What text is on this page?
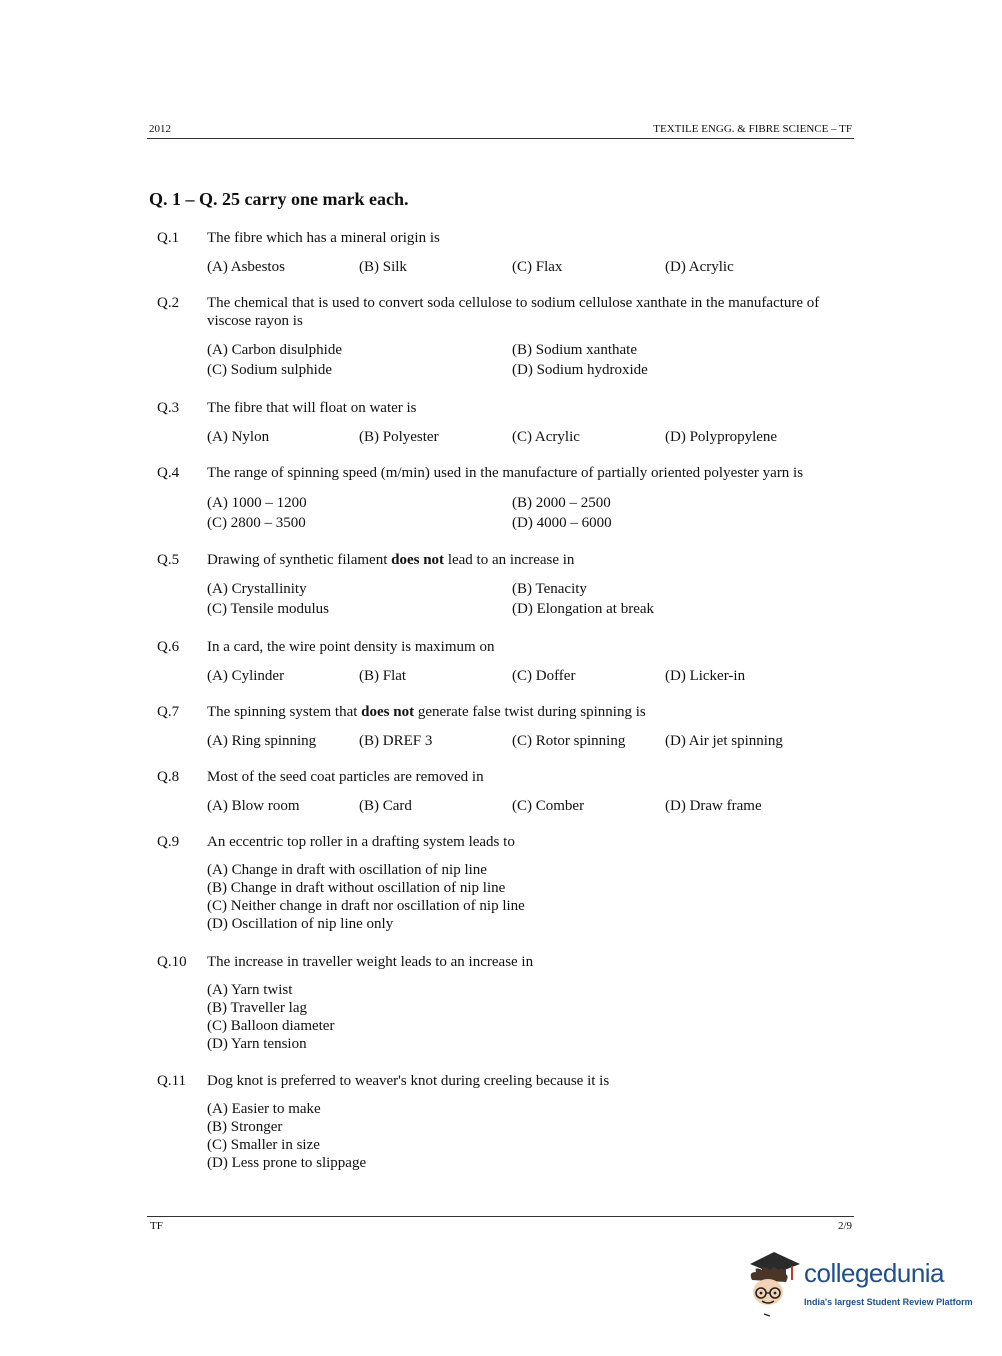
2012	TEXTILE ENGG. & FIBRE SCIENCE – TF
Q. 1 – Q. 25 carry one mark each.
Q.1 The fibre which has a mineral origin is
(A) Asbestos	(B) Silk	(C) Flax	(D) Acrylic
Q.2 The chemical that is used to convert soda cellulose to sodium cellulose xanthate in the manufacture of viscose rayon is
(A) Carbon disulphide	(B) Sodium xanthate
(C) Sodium sulphide	(D) Sodium hydroxide
Q.3 The fibre that will float on water is
(A) Nylon	(B) Polyester	(C) Acrylic	(D) Polypropylene
Q.4 The range of spinning speed (m/min) used in the manufacture of partially oriented polyester yarn is
(A) 1000 – 1200	(B) 2000 – 2500
(C) 2800 – 3500	(D) 4000 – 6000
Q.5 Drawing of synthetic filament does not lead to an increase in
(A) Crystallinity	(B) Tenacity
(C) Tensile modulus	(D) Elongation at break
Q.6 In a card, the wire point density is maximum on
(A) Cylinder	(B) Flat	(C) Doffer	(D) Licker-in
Q.7 The spinning system that does not generate false twist during spinning is
(A) Ring spinning	(B) DREF 3	(C) Rotor spinning	(D) Air jet spinning
Q.8 Most of the seed coat particles are removed in
(A) Blow room	(B) Card	(C) Comber	(D) Draw frame
Q.9 An eccentric top roller in a drafting system leads to
(A) Change in draft with oscillation of nip line
(B) Change in draft without oscillation of nip line
(C) Neither change in draft nor oscillation of nip line
(D) Oscillation of nip line only
Q.10 The increase in traveller weight leads to an increase in
(A) Yarn twist
(B) Traveller lag
(C) Balloon diameter
(D) Yarn tension
Q.11 Dog knot is preferred to weaver's knot during creeling because it is
(A) Easier to make
(B) Stronger
(C) Smaller in size
(D) Less prone to slippage
TF	2/9
collegedunia
India's largest Student Review Platform
